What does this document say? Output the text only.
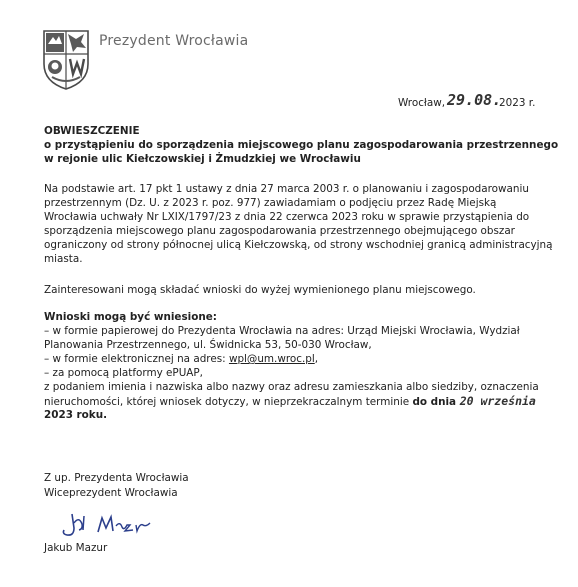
Prezydent Wrocławia
Wrocław, 29.08.
2023 r.
OBWIESZCZENIE
o przystąpieniu do sporządzenia miejscowego planu zagospodarowania przestrzennego
w rejonie ulic Kiełczowskiej i Żmudzkiej we Wrocławiu
Na podstawie art. 17 pkt 1 ustawy z dnia 27 marca 2003 r. o planowaniu i zagospodarowaniu
przestrzennym (Dz. U. z 2023 r. poz. 977) zawiadamiam o podjęciu przez Radę Miejską
Wrocławia uchwały Nr LXIX/1797/23 z dnia 22 czerwca 2023 roku w sprawie przystąpienia do
sporządzenia miejscowego planu zagospodarowania przestrzennego obejmującego obszar
ograniczony od strony północnej ulicą Kiełczowską, od strony wschodniej granicą administracyjną
miasta.
Zainteresowani mogą składać wnioski do wyżej wymienionego planu miejscowego.
Wnioski mogą być wniesione:
– w formie papierowej do Prezydenta Wrocławia na adres: Urząd Miejski Wrocławia, Wydział
Planowania Przestrzennego, ul. Świdnicka 53, 50-030 Wrocław,
– w formie elektronicznej na adres: wpl@um.wroc.pl,
– za pomocą platformy ePUAP,
z podaniem imienia i nazwiska albo nazwy oraz adresu zamieszkania albo siedziby, oznaczenia
nieruchomości, której wniosek dotyczy, w nieprzekraczalnym terminie do dnia 20 września
2023 roku.
Z up. Prezydenta Wrocławia
Wiceprezydent Wrocławia
Jakub Mazur
